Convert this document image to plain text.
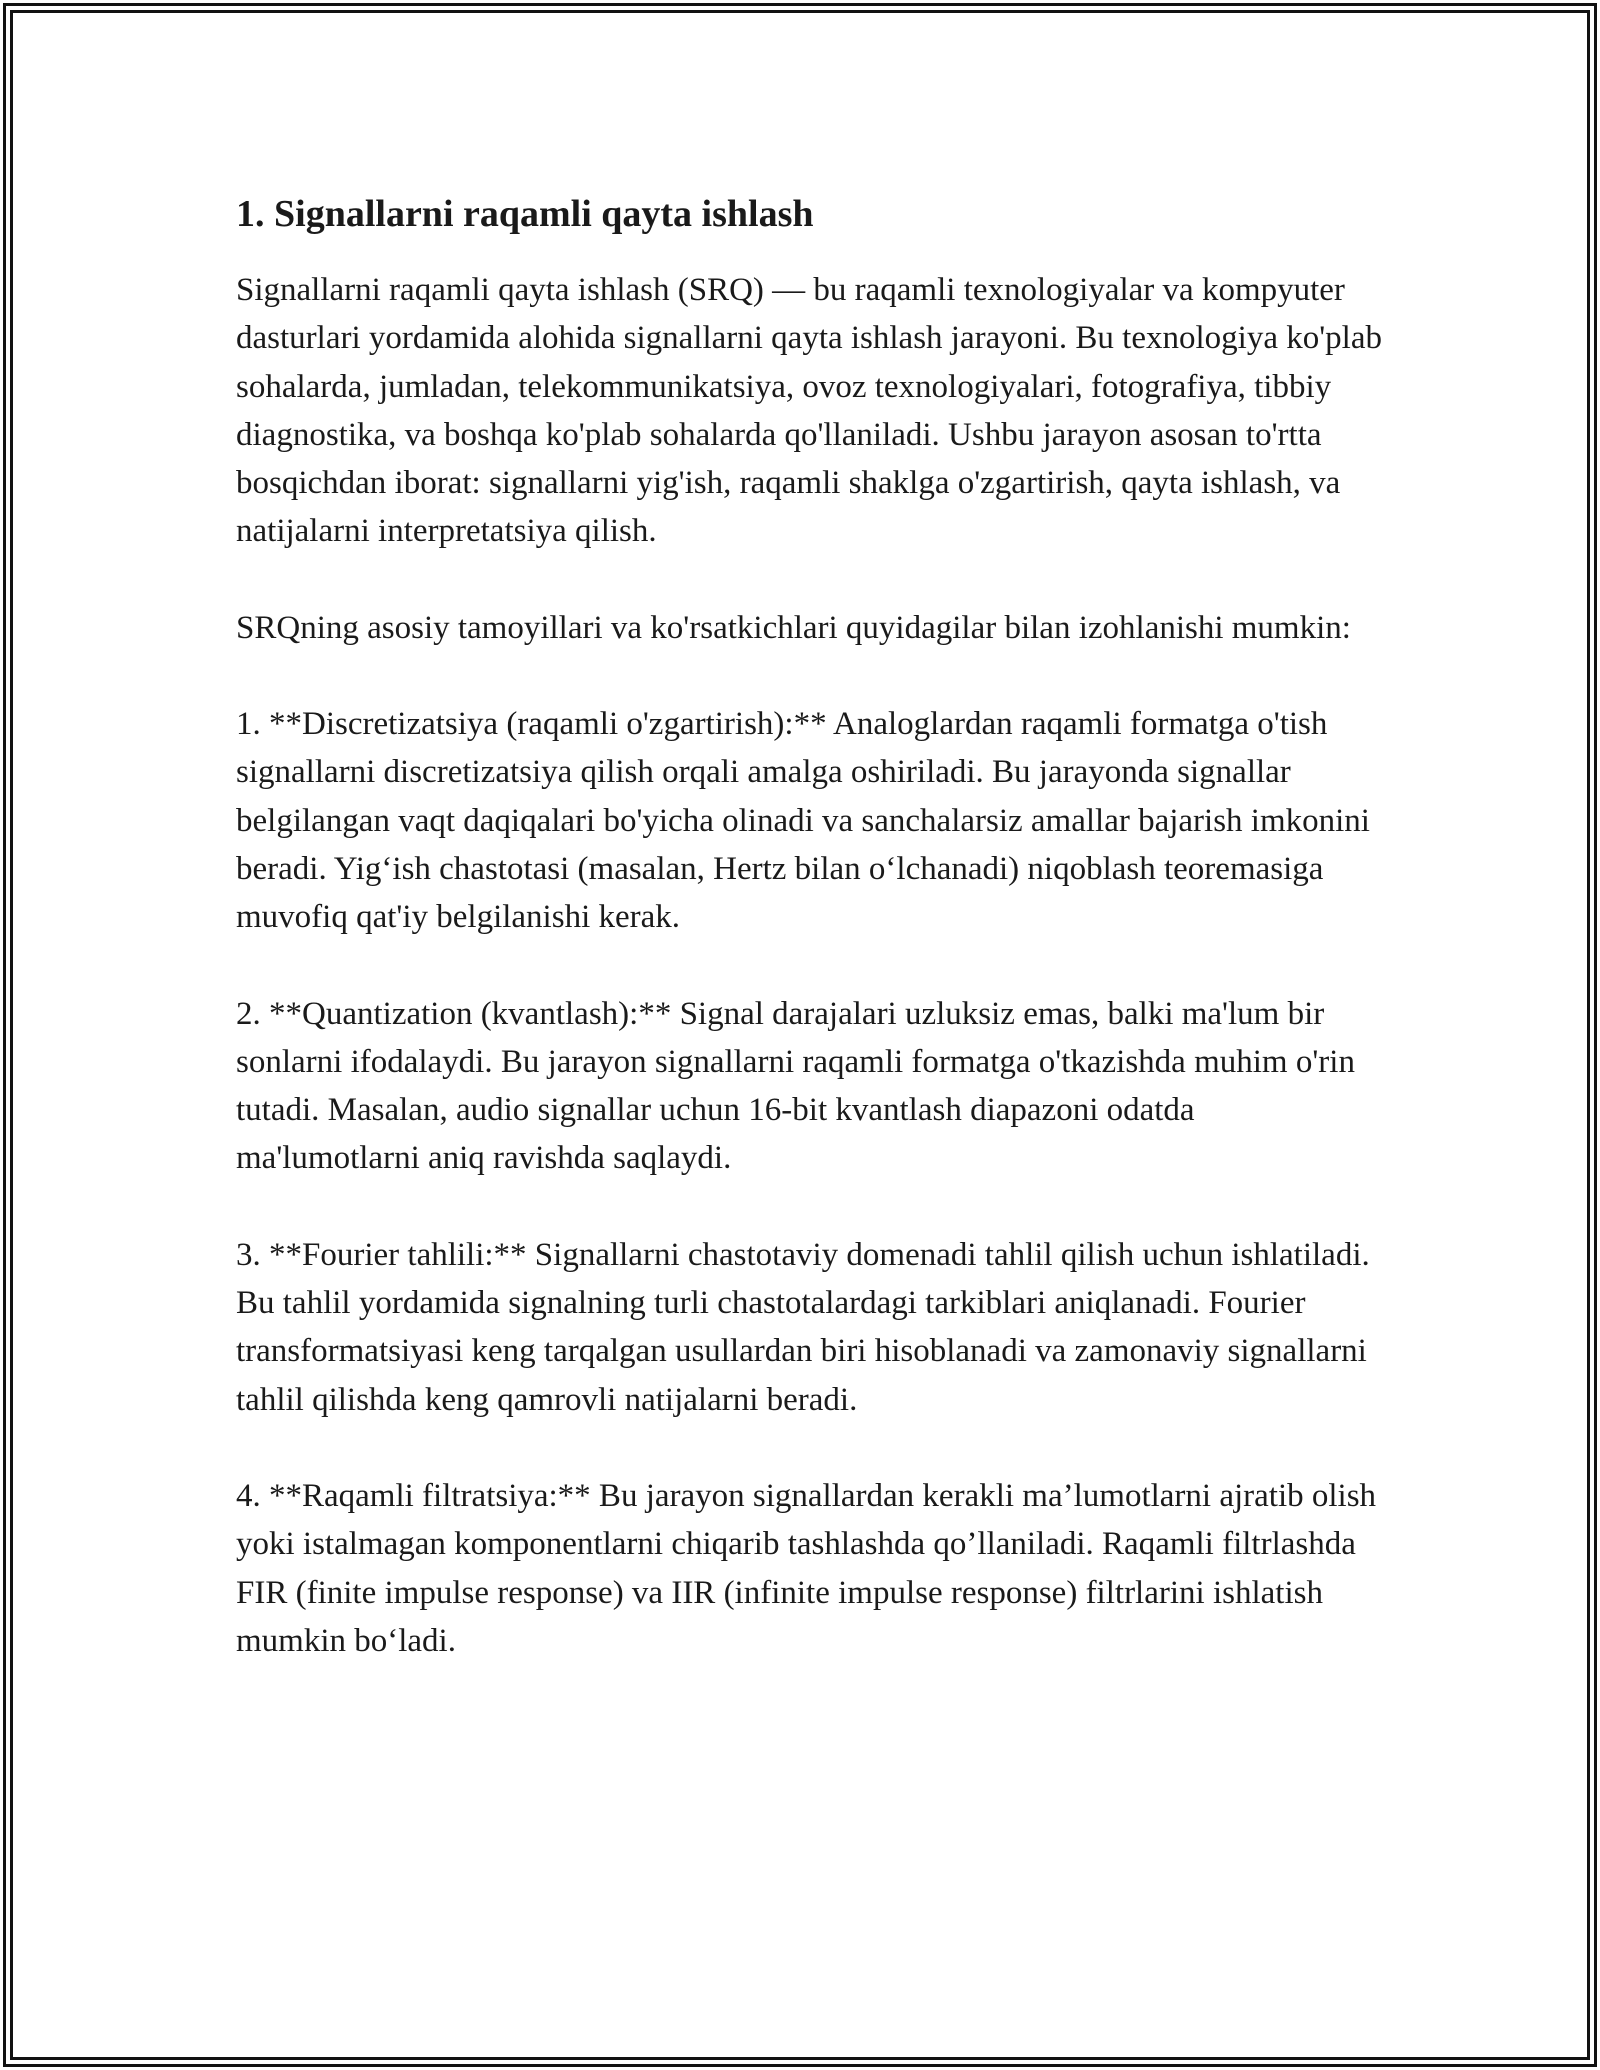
1. Signallarni raqamli qayta ishlash

Signallarni raqamli qayta ishlash (SRQ) — bu raqamli texnologiyalar va kompyuter dasturlari yordamida alohida signallarni qayta ishlash jarayoni. Bu texnologiya ko'plab sohalarda, jumladan, telekommunikatsiya, ovoz texnologiyalari, fotografiya, tibbiy diagnostika, va boshqa ko'plab sohalarda qo'llaniladi. Ushbu jarayon asosan to'rtta bosqichdan iborat: signallarni yig'ish, raqamli shaklga o'zgartirish, qayta ishlash, va natijalarni interpretatsiya qilish.

SRQning asosiy tamoyillari va ko'rsatkichlari quyidagilar bilan izohlanishi mumkin:

1. **Discretizatsiya (raqamli o'zgartirish):** Analoglardan raqamli formatga o'tish signallarni discretizatsiya qilish orqali amalga oshiriladi. Bu jarayonda signallar belgilangan vaqt daqiqalari bo'yicha olinadi va sanchalarsiz amallar bajarish imkonini beradi. Yig‘ish chastotasi (masalan, Hertz bilan o‘lchanadi) niqoblash teoremasiga muvofiq qat'iy belgilanishi kerak.

2. **Quantization (kvantlash):** Signal darajalari uzluksiz emas, balki ma'lum bir sonlarni ifodalaydi. Bu jarayon signallarni raqamli formatga o'tkazishda muhim o'rin tutadi. Masalan, audio signallar uchun 16-bit kvantlash diapazoni odatda ma'lumotlarni aniq ravishda saqlaydi.

3. **Fourier tahlili:** Signallarni chastotaviy domenadi tahlil qilish uchun ishlatiladi. Bu tahlil yordamida signalning turli chastotalardagi tarkiblari aniqlanadi. Fourier transformatsiyasi keng tarqalgan usullardan biri hisoblanadi va zamonaviy signallarni tahlil qilishda keng qamrovli natijalarni beradi.

4. **Raqamli filtratsiya:** Bu jarayon signallardan kerakli ma’lumotlarni ajratib olish yoki istalmagan komponentlarni chiqarib tashlashda qo’llaniladi. Raqamli filtrlashda FIR (finite impulse response) va IIR (infinite impulse response) filtrlarini ishlatish mumkin bo‘ladi.
